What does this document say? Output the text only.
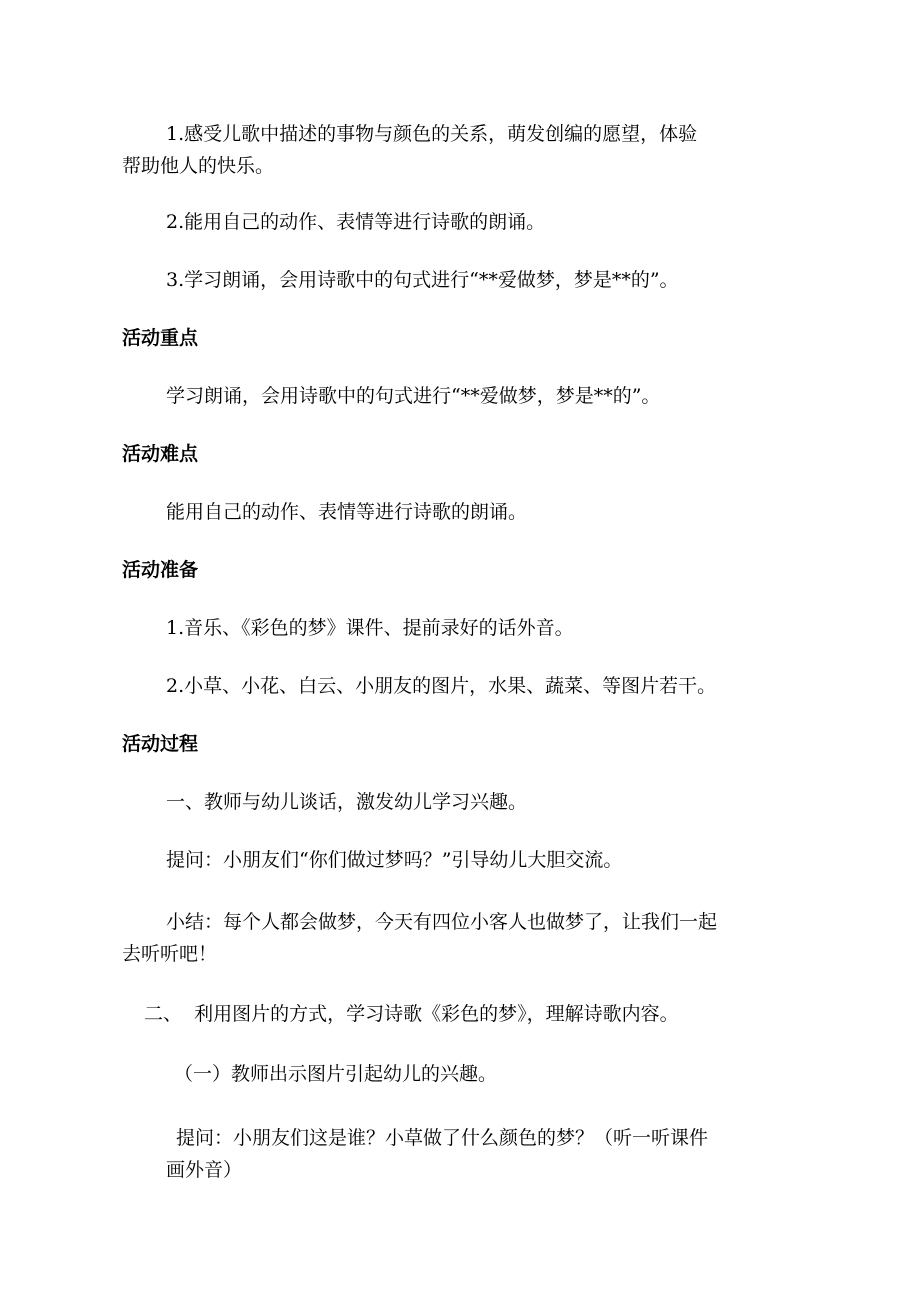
1.感受儿歌中描述的事物与颜色的关系，萌发创编的愿望，体验
帮助他人的快乐。
2.能用自己的动作、表情等进行诗歌的朗诵。
3.学习朗诵，会用诗歌中的句式进行“**爱做梦，梦是**的”。
活动重点
学习朗诵，会用诗歌中的句式进行“**爱做梦，梦是**的”。
活动难点
能用自己的动作、表情等进行诗歌的朗诵。
活动准备
1.音乐、《彩色的梦》课件、提前录好的话外音。
2.小草、小花、白云、小朋友的图片，水果、蔬菜、等图片若干。
活动过程
一、教师与幼儿谈话，激发幼儿学习兴趣。
提问：小朋友们“你们做过梦吗？”引导幼儿大胆交流。
小结：每个人都会做梦，今天有四位小客人也做梦了，让我们一起
去听听吧！
二、  利用图片的方式，学习诗歌《彩色的梦》，理解诗歌内容。
（一）教师出示图片引起幼儿的兴趣。
提问：小朋友们这是谁？小草做了什么颜色的梦？（听一听课件
画外音）
